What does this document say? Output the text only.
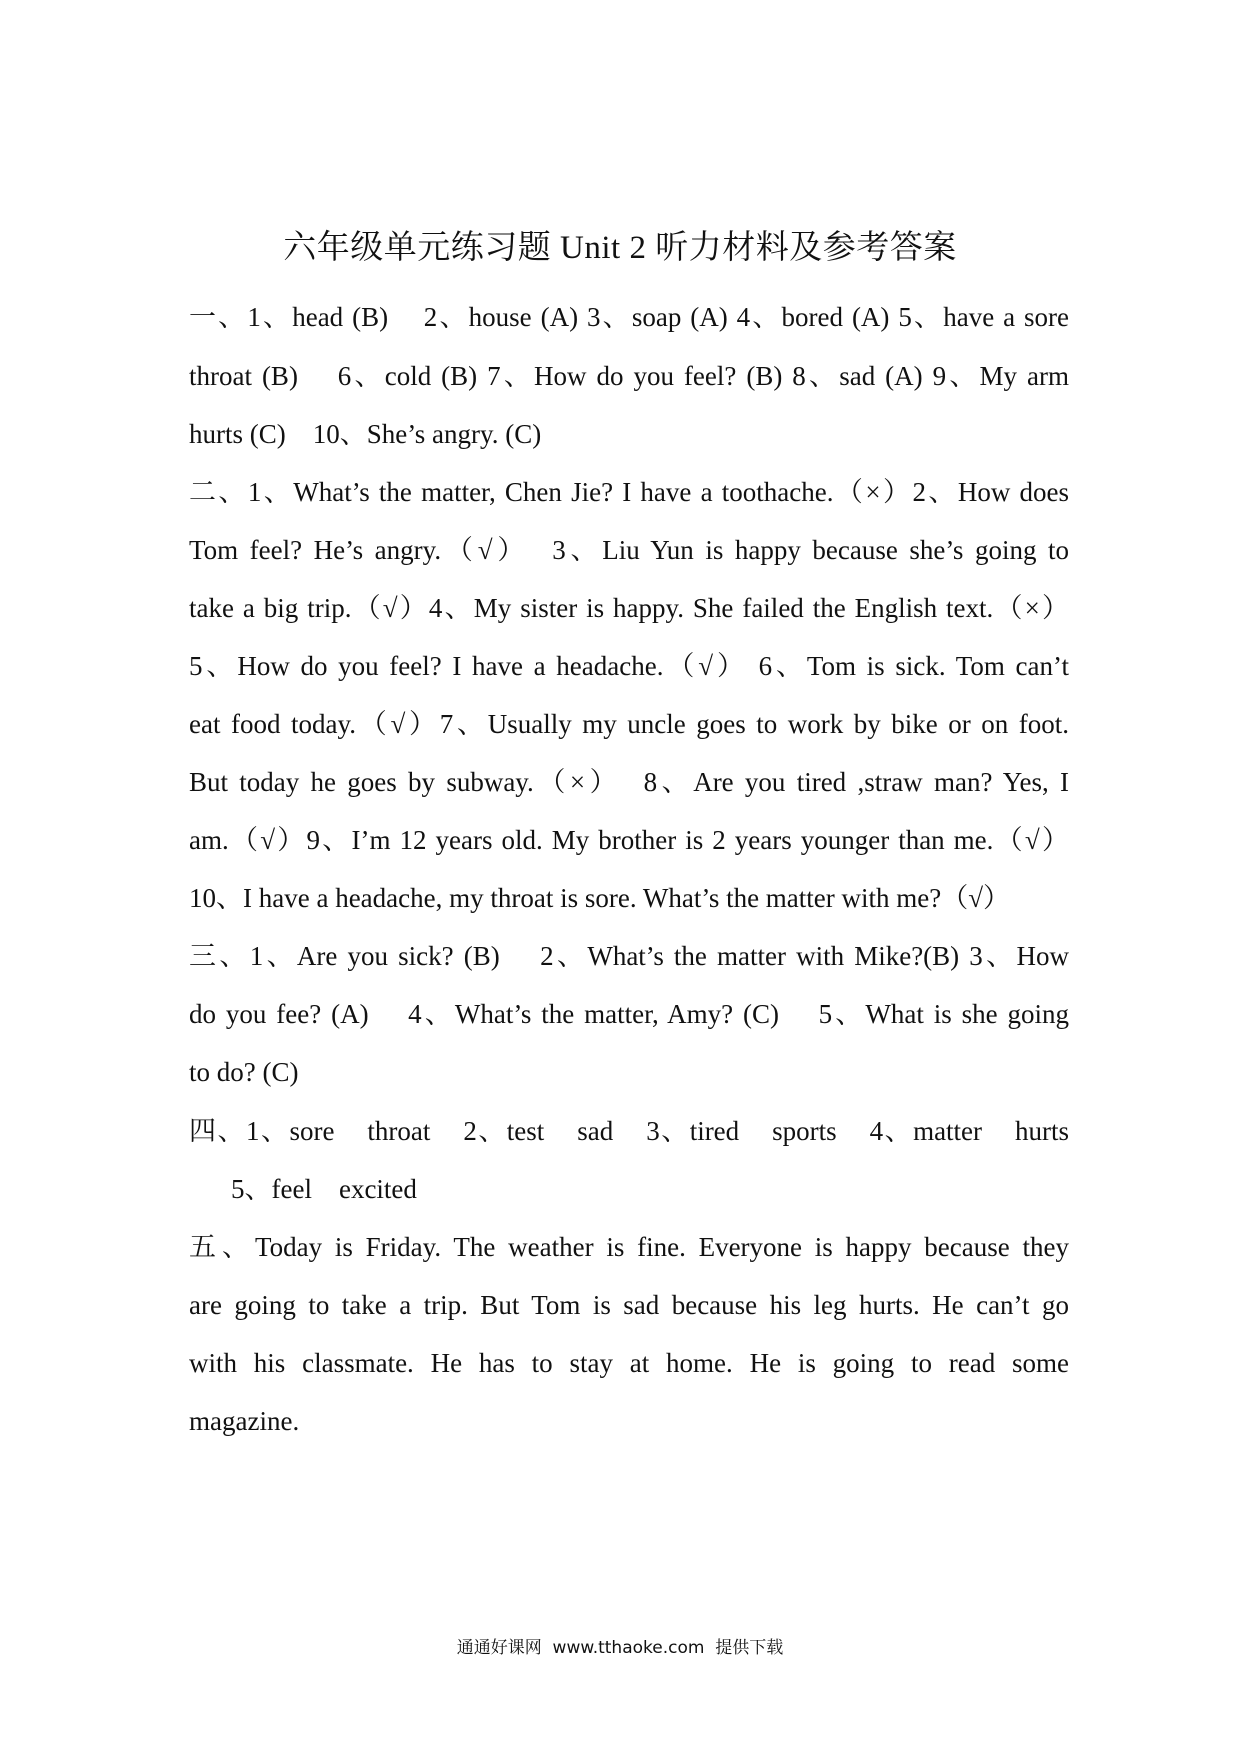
六年级单元练习题 Unit 2 听力材料及参考答案
一、1、head (B)    2、house (A) 3、soap (A) 4、bored (A) 5、have a sore
throat (B)    6、cold (B) 7、How do you feel? (B) 8、sad (A) 9、My arm
hurts (C)    10、She’s angry. (C)
二、1、What’s the matter, Chen Jie? I have a toothache.（×）2、How does
Tom feel? He’s angry.（√）  3、Liu Yun is happy because she’s going to
take a big trip.（√）4、My sister is happy. She failed the English text.（×）
5、How do you feel? I have a headache.（√） 6、Tom is sick. Tom can’t
eat food today.（√）7、Usually my uncle goes to work by bike or on foot.
But today he goes by subway.（×）  8、Are you tired ,straw man? Yes, I
am.（√）9、I’m 12 years old. My brother is 2 years younger than me.（√）
10、I have a headache, my throat is sore. What’s the matter with me?（√）
三、1、Are you sick? (B)    2、What’s the matter with Mike?(B) 3、How
do you fee? (A)    4、What’s the matter, Amy? (C)    5、What is she going
to do? (C)
四、1、sore    throat    2、test    sad    3、tired    sports    4、matter    hurts
5、feel    excited
五、Today is Friday. The weather is fine. Everyone is happy because they
are going to take a trip. But Tom is sad because his leg hurts. He can’t go
with his classmate. He has to stay at home. He is going to read some
magazine.
通通好课网  www.tthaoke.com  提供下载
